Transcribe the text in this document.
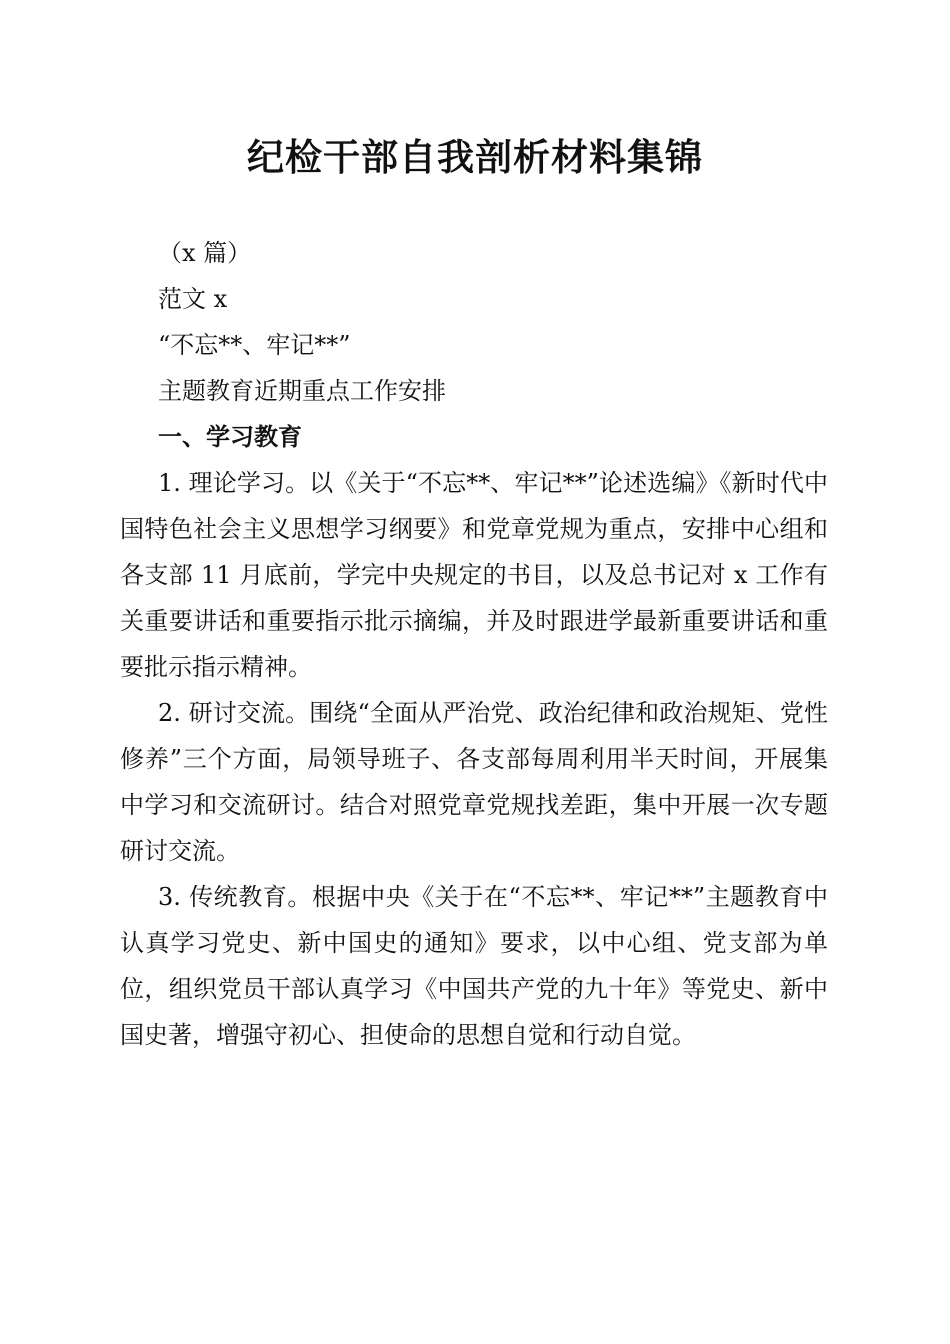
纪检干部自我剖析材料集锦
（x 篇）
范文 x
“不忘**、牢记**”
主题教育近期重点工作安排
一、学习教育

1. 理论学习。以《关于“不忘**、牢记**”论述选编》《新时代中国特色社会主义思想学习纲要》和党章党规为重点，安排中心组和各支部 11 月底前，学完中央规定的书目，以及总书记对 x 工作有关重要讲话和重要指示批示摘编，并及时跟进学最新重要讲话和重要批示指示精神。

2. 研讨交流。围绕“全面从严治党、政治纪律和政治规矩、党性修养”三个方面，局领导班子、各支部每周利用半天时间，开展集中学习和交流研讨。结合对照党章党规找差距，集中开展一次专题研讨交流。

3. 传统教育。根据中央《关于在“不忘**、牢记**”主题教育中认真学习党史、新中国史的通知》要求，以中心组、党支部为单位，组织党员干部认真学习《中国共产党的九十年》等党史、新中国史著，增强守初心、担使命的思想自觉和行动自觉。
